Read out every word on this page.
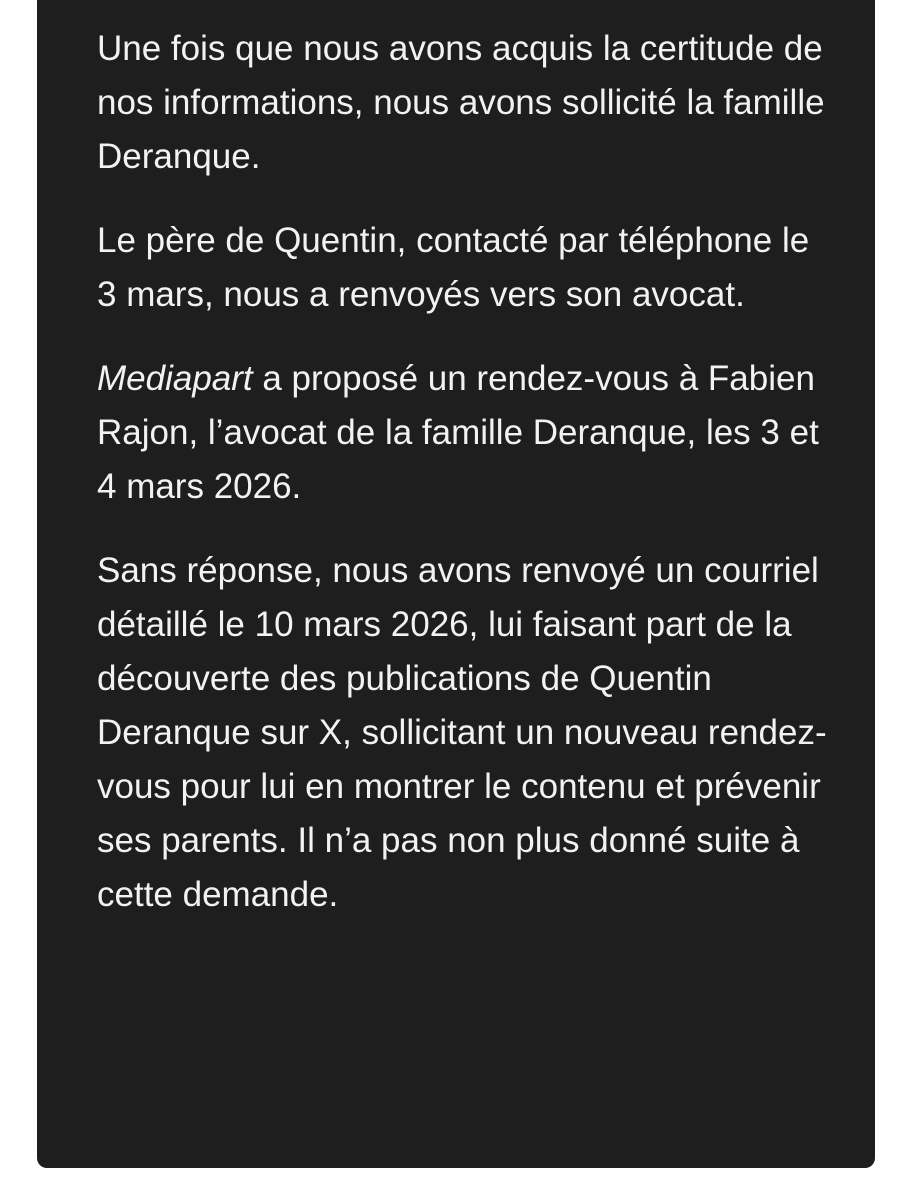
Une fois que nous avons acquis la certitude de nos informations, nous avons sollicité la famille Deranque.

Le père de Quentin, contacté par téléphone le 3 mars, nous a renvoyés vers son avocat.

Mediapart a proposé un rendez-vous à Fabien Rajon, l’avocat de la famille Deranque, les 3 et 4 mars 2026.

Sans réponse, nous avons renvoyé un courriel détaillé le 10 mars 2026, lui faisant part de la découverte des publications de Quentin Deranque sur X, sollicitant un nouveau rendez-vous pour lui en montrer le contenu et prévenir ses parents. Il n’a pas non plus donné suite à cette demande.
